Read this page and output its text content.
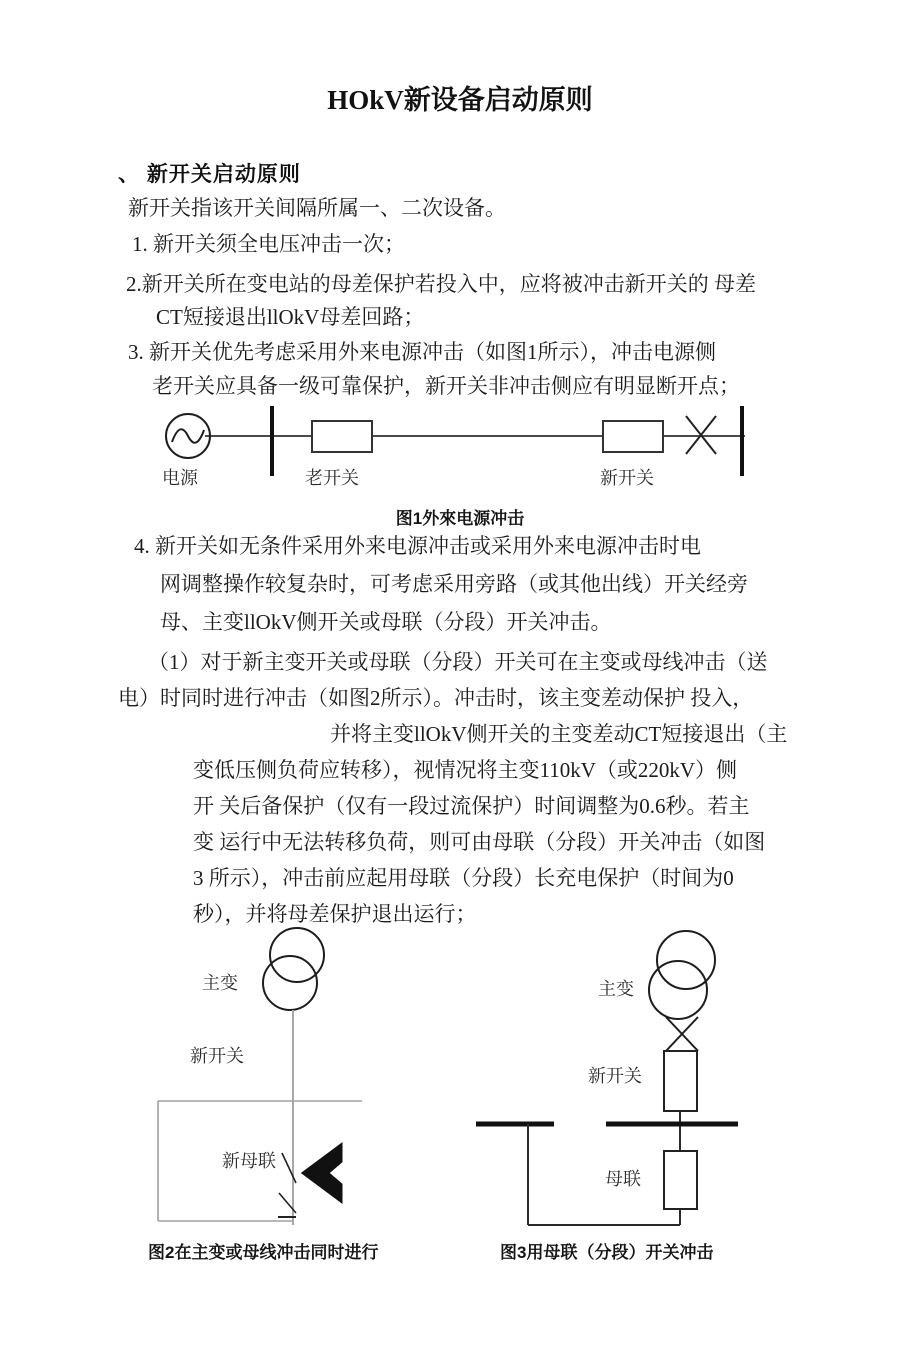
HOkV新设备启动原则
、 新开关启动原则
新开关指该开关间隔所属一、二次设备。
1. 新开关须全电压冲击一次；
2.新开关所在变电站的母差保护若投入中，应将被冲击新开关的 母差
CT短接退出llOkV母差回路；
3. 新开关优先考虑采用外来电源冲击（如图1所示），冲击电源侧
老开关应具备一级可靠保护，新开关非冲击侧应有明显断开点；
电源	老开关	新开关
图1外來电源冲击
4. 新开关如无条件采用外来电源冲击或采用外来电源冲击时电
网调整操作较复杂时，可考虑采用旁路（或其他出线）开关经旁
母、主变llOkV侧开关或母联（分段）开关冲击。
（1）对于新主变开关或母联（分段）开关可在主变或母线冲击（送
电）时同时进行冲击（如图2所示）。冲击时，该主变差动保护 投入，
并将主变llOkV侧开关的主变差动CT短接退出（主
变低压侧负荷应转移），视情况将主变110kV（或220kV）侧
开 关后备保护（仅有一段过流保护）时间调整为0.6秒。若主
变 运行中无法转移负荷，则可由母联（分段）开关冲击（如图
3 所示），冲击前应起用母联（分段）长充电保护（时间为0
秒），并将母差保护退出运行；
主变
新开关
新母联
图2在主变或母线冲击同时进行
主变
新开关
母联
图3用母联（分段）开关冲击
